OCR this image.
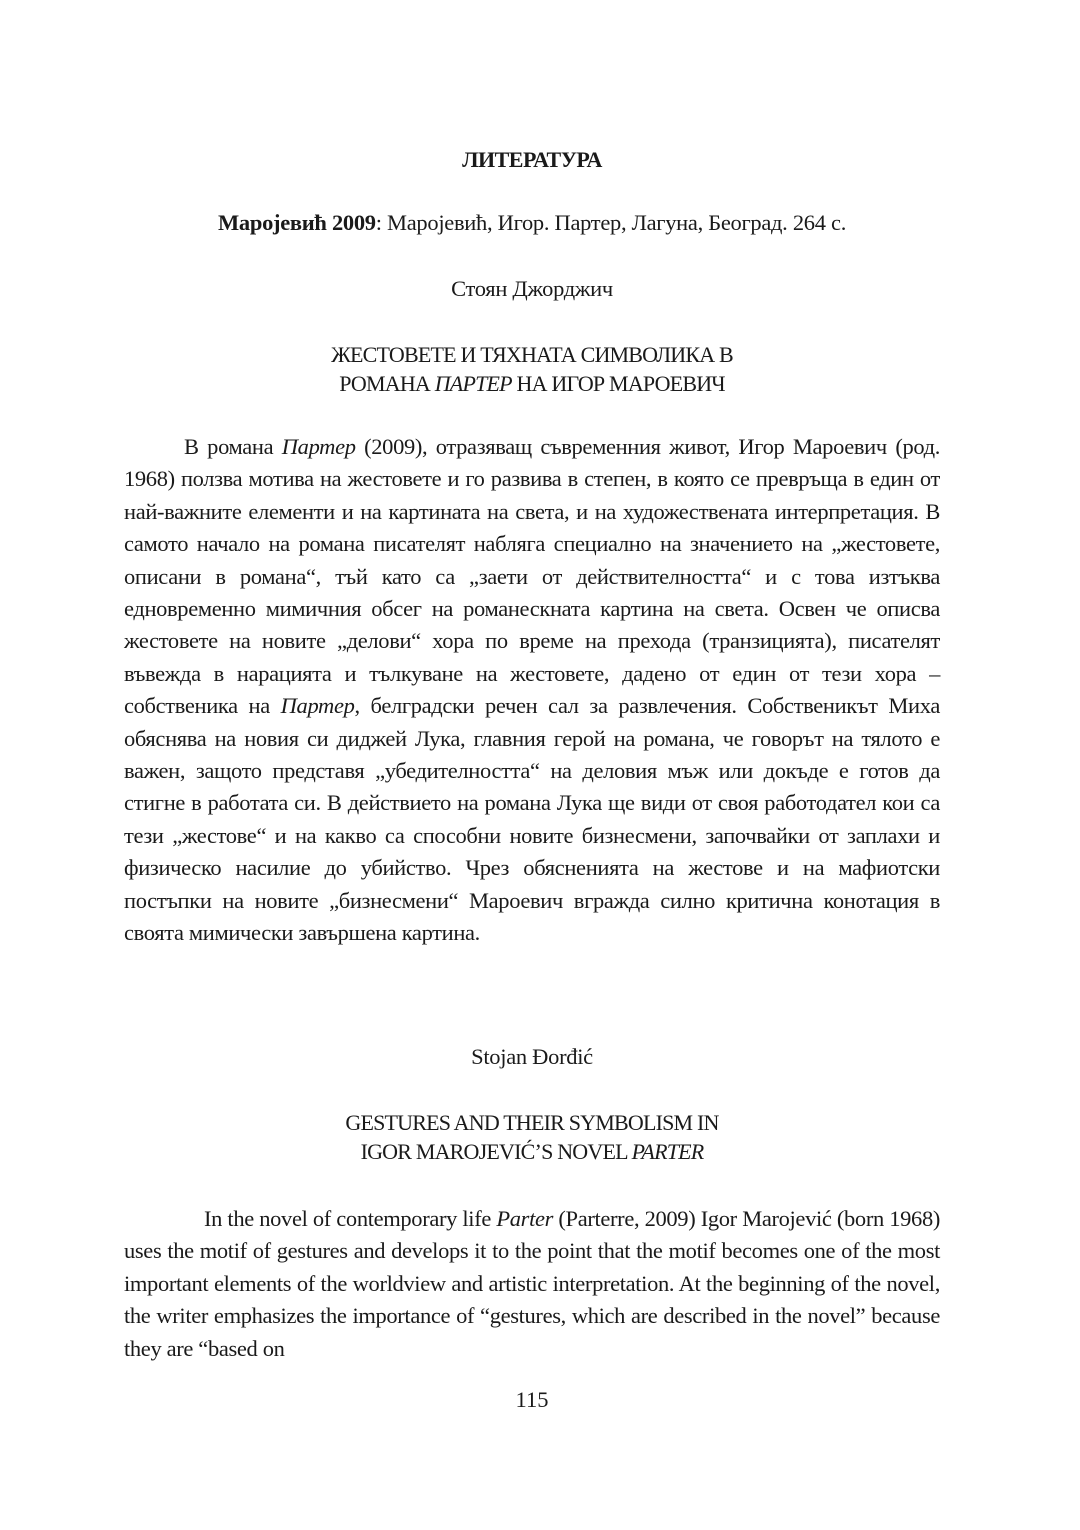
ЛИТЕРАТУРА
Маројевић 2009: Маројевић, Игор. Партер, Лагуна, Београд. 264 с.
Стоян Джорджич
ЖЕСТОВЕТЕ И ТЯХНАТА СИМВОЛИКА В
РОМАНА ПАРТЕР НА ИГОР МАРОЕВИЧ

В романа Партер (2009), отразяващ съвременния живот, Игор Мароевич (род. 1968) ползва мотива на жестовете и го развива в степен, в която се превръща в един от най-важните елементи и на картината на света, и на художествената интерпретация. В самото начало на романа писателят набляга специално на значението на „жестовете, описани в романа“, тъй като са „заети от действителността“ и с това изтъква едновременно мимичния обсег на романескната картина на света. Освен че описва жестовете на новите „делови“ хора по време на прехода (транзицията), писателят въвежда в нарацията и тълкуване на жестовете, дадено от един от тези хора – собственика на Партер, белградски речен сал за развлечения. Собственикът Миха обяснява на новия си диджей Лука, главния герой на романа, че говорът на тялото е важен, защото представя „убедителността“ на деловия мъж или докъде е готов да стигне в работата си. В действието на романа Лука ще види от своя работодател кои са тези „жестове“ и на какво са способни новите бизнесмени, започвайки от заплахи и физическо насилие до убийство. Чрез обясненията на жестове и на мафиотски постъпки на новите „бизнесмени“ Мароевич вгражда силно критична конотация в своята мимически завършена картина.

Stojan Đorđić
GESTURES AND THEIR SYMBOLISM IN
IGOR MAROJEVIĆ’S NOVEL PARTER

In the novel of contemporary life Parter (Parterre, 2009) Igor Marojević (born 1968) uses the motif of gestures and develops it to the point that the motif becomes one of the most important elements of the worldview and artistic interpretation. At the beginning of the novel, the writer emphasizes the importance of “gestures, which are described in the novel” because they are “based on

115
